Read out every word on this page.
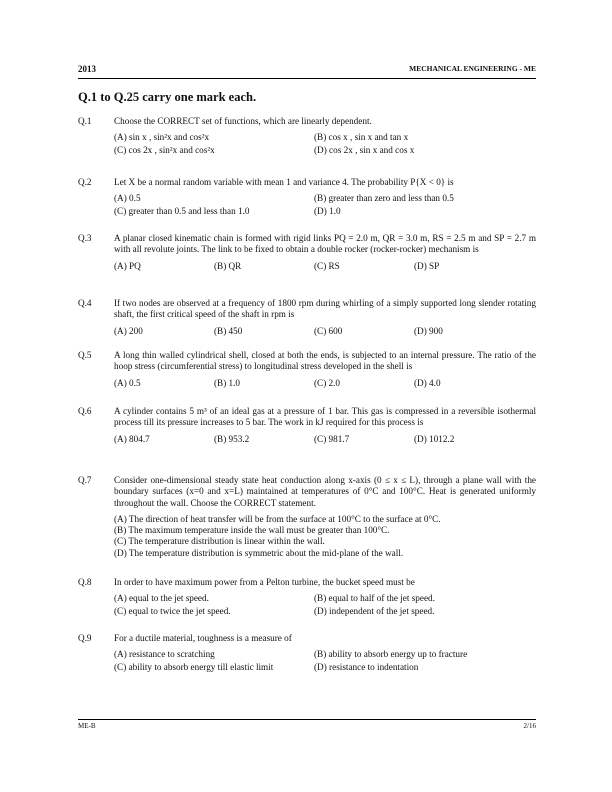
2013	MECHANICAL ENGINEERING - ME
Q.1 to Q.25 carry one mark each.
Q.1	Choose the CORRECT set of functions, which are linearly dependent.
(A) sin x , sin²x and cos²x	(B) cos x , sin x and tan x
(C) cos 2x , sin²x and cos²x	(D) cos 2x , sin x and cos x
Q.2	Let X be a normal random variable with mean 1 and variance 4. The probability P{X < 0} is
(A) 0.5	(B) greater than zero and less than 0.5
(C) greater than 0.5 and less than 1.0	(D) 1.0
Q.3	A planar closed kinematic chain is formed with rigid links PQ = 2.0 m, QR = 3.0 m, RS = 2.5 m and SP = 2.7 m with all revolute joints. The link to be fixed to obtain a double rocker (rocker-rocker) mechanism is
(A) PQ	(B) QR	(C) RS	(D) SP
Q.4	If two nodes are observed at a frequency of 1800 rpm during whirling of a simply supported long slender rotating shaft, the first critical speed of the shaft in rpm is
(A) 200	(B) 450	(C) 600	(D) 900
Q.5	A long thin walled cylindrical shell, closed at both the ends, is subjected to an internal pressure. The ratio of the hoop stress (circumferential stress) to longitudinal stress developed in the shell is
(A) 0.5	(B) 1.0	(C) 2.0	(D) 4.0
Q.6	A cylinder contains 5 m³ of an ideal gas at a pressure of 1 bar. This gas is compressed in a reversible isothermal process till its pressure increases to 5 bar. The work in kJ required for this process is
(A) 804.7	(B) 953.2	(C) 981.7	(D) 1012.2
Q.7	Consider one-dimensional steady state heat conduction along x-axis (0 ≤ x ≤ L), through a plane wall with the boundary surfaces (x=0 and x=L) maintained at temperatures of 0°C and 100°C. Heat is generated uniformly throughout the wall. Choose the CORRECT statement.
(A) The direction of heat transfer will be from the surface at 100°C to the surface at 0°C.
(B) The maximum temperature inside the wall must be greater than 100°C.
(C) The temperature distribution is linear within the wall.
(D) The temperature distribution is symmetric about the mid-plane of the wall.
Q.8	In order to have maximum power from a Pelton turbine, the bucket speed must be
(A) equal to the jet speed.	(B) equal to half of the jet speed.
(C) equal to twice the jet speed.	(D) independent of the jet speed.
Q.9	For a ductile material, toughness is a measure of
(A) resistance to scratching	(B) ability to absorb energy up to fracture
(C) ability to absorb energy till elastic limit	(D) resistance to indentation
ME-B	2/16
